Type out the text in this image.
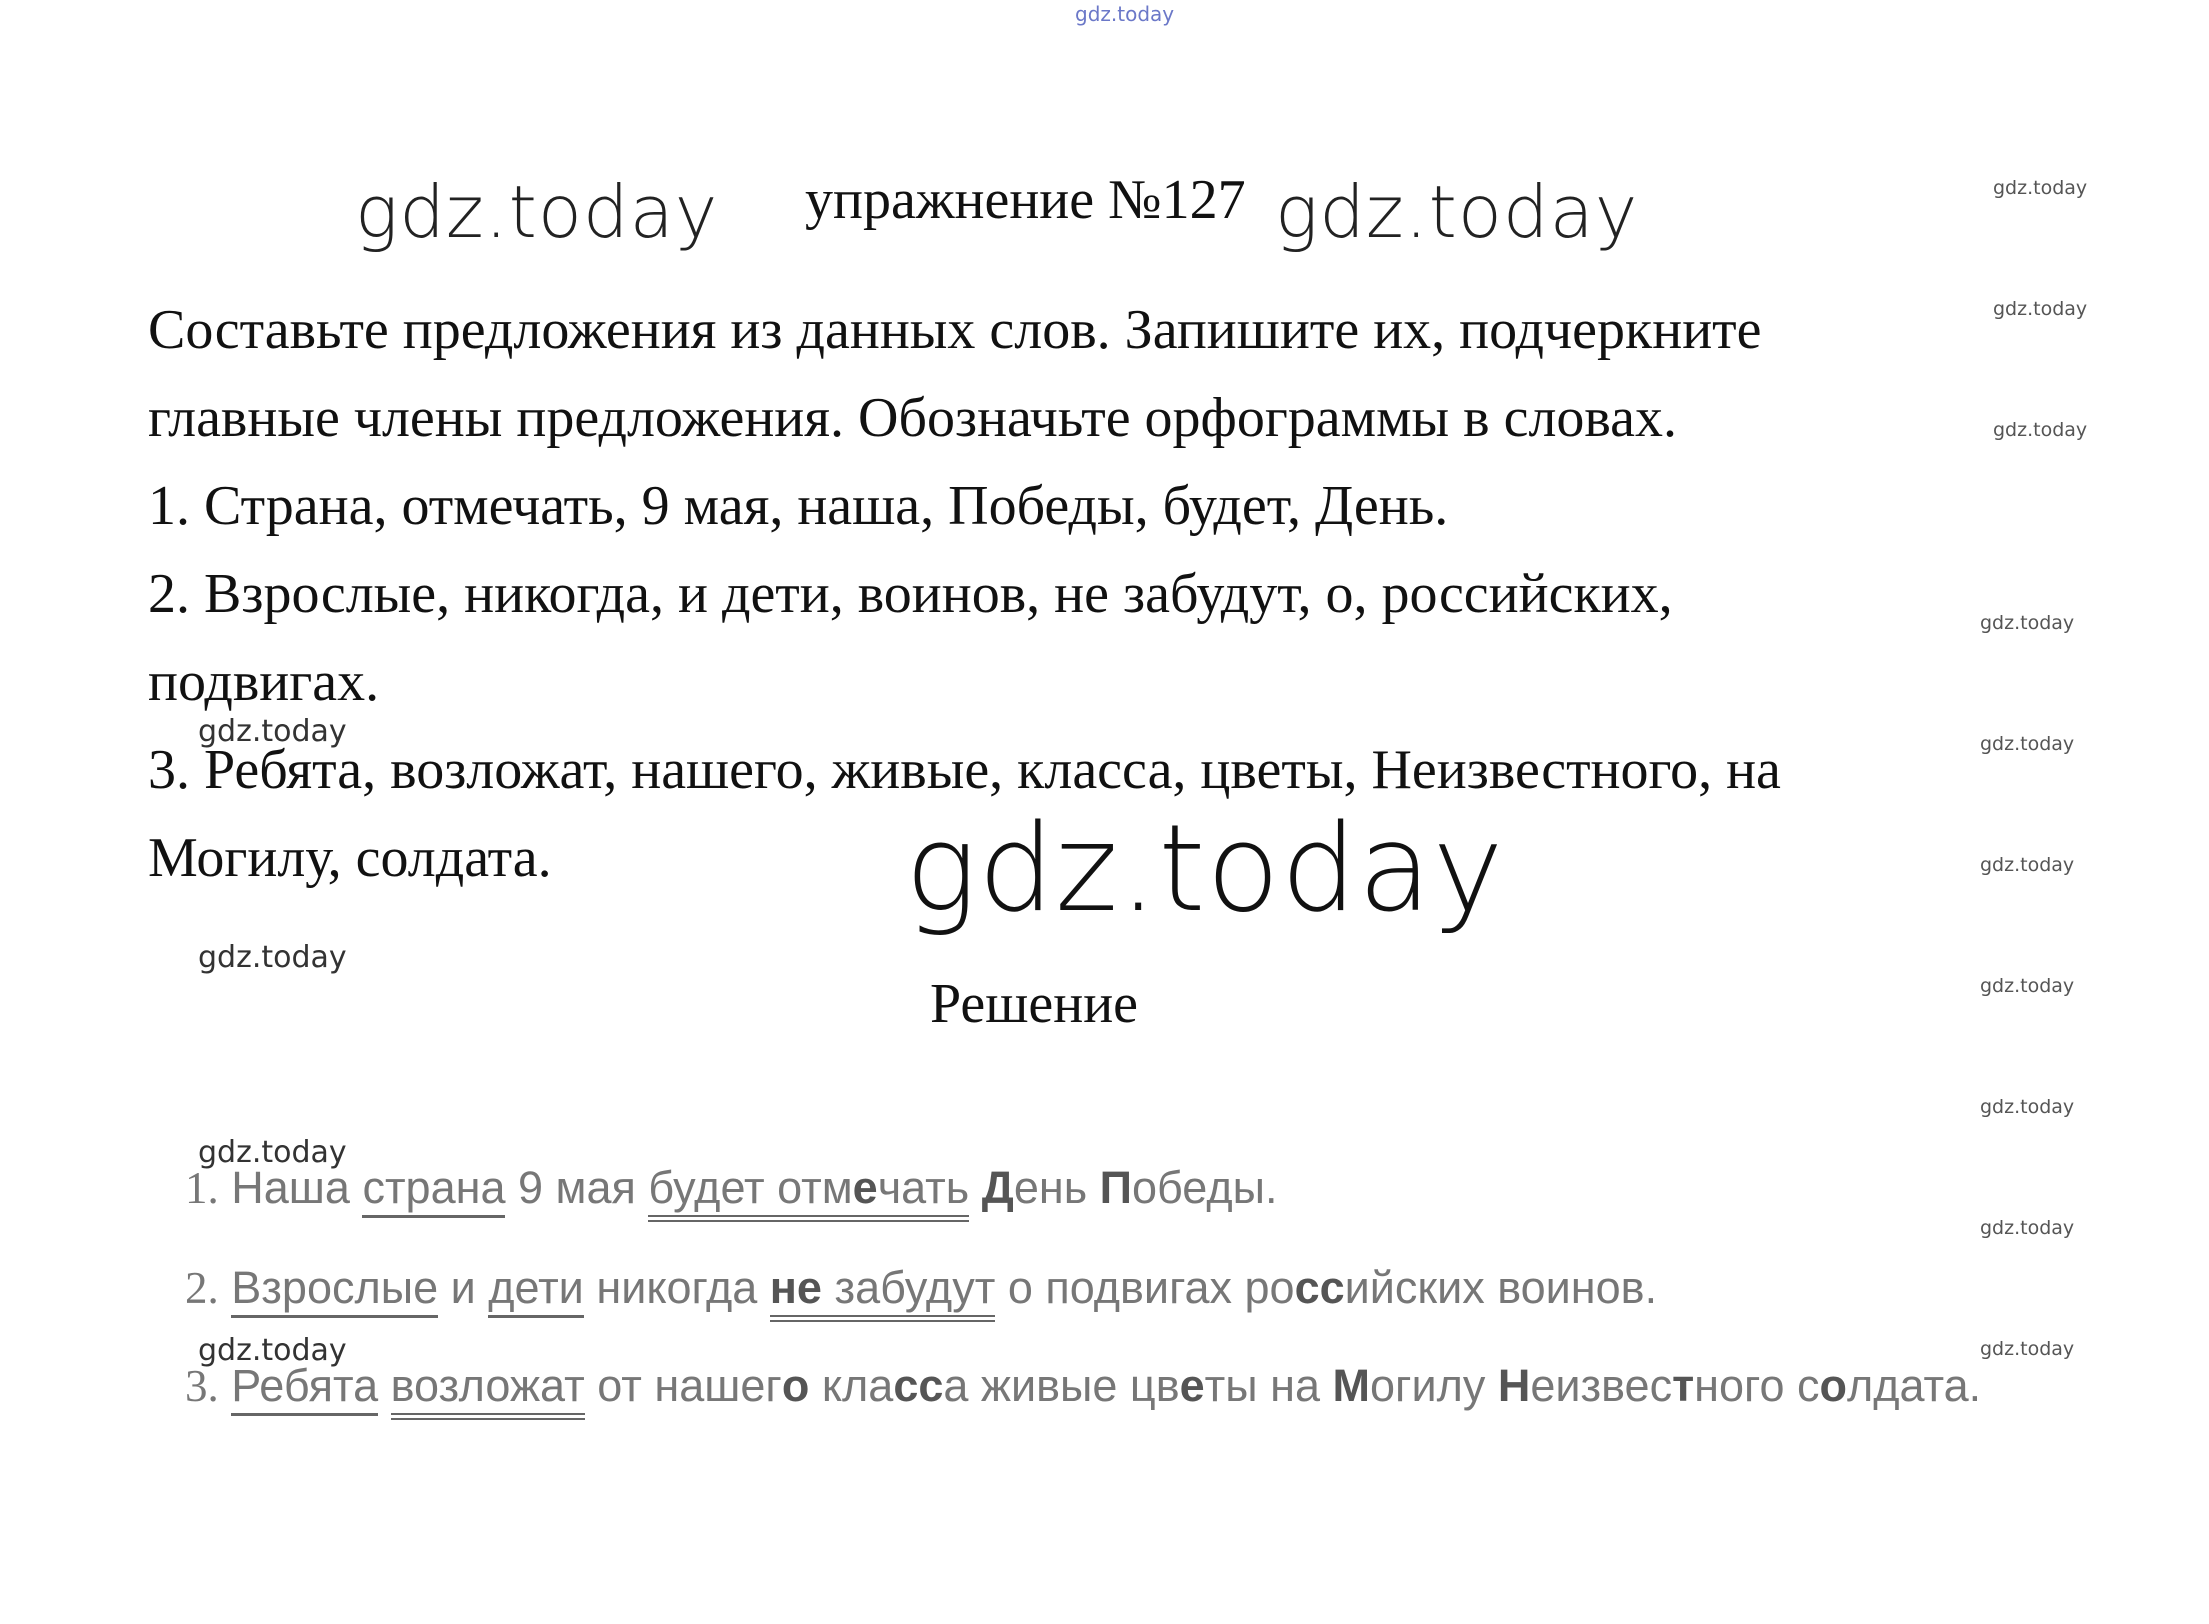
gdz.today
gdz.today	gdz.today
gdz.today
gdz.today
gdz.today
gdz.today
gdz.today
gdz.today
gdz.today
gdz.today
gdz.today
gdz.today
gdz.today
gdz.today
gdz.today
gdz.today
gdz.today
упражнение №127
Составьте предложения из данных слов. Запишите их, подчеркните
главные члены предложения. Обозначьте орфограммы в словах.
1. Страна, отмечать, 9 мая, наша, Победы, будет, День.
2. Взрослые, никогда, и дети, воинов, не забудут, о, российских,
подвигах.
3. Ребята, возложат, нашего, живые, класса, цветы, Неизвестного, на
Могилу, солдата.
Решение
1. Наша страна 9 мая будет отмечать День Победы.
2. Взрослые и дети никогда не забудут о подвигах российских воинов.
3. Ребята возложат от нашего класса живые цветы на Могилу Неизвестного солдата.
